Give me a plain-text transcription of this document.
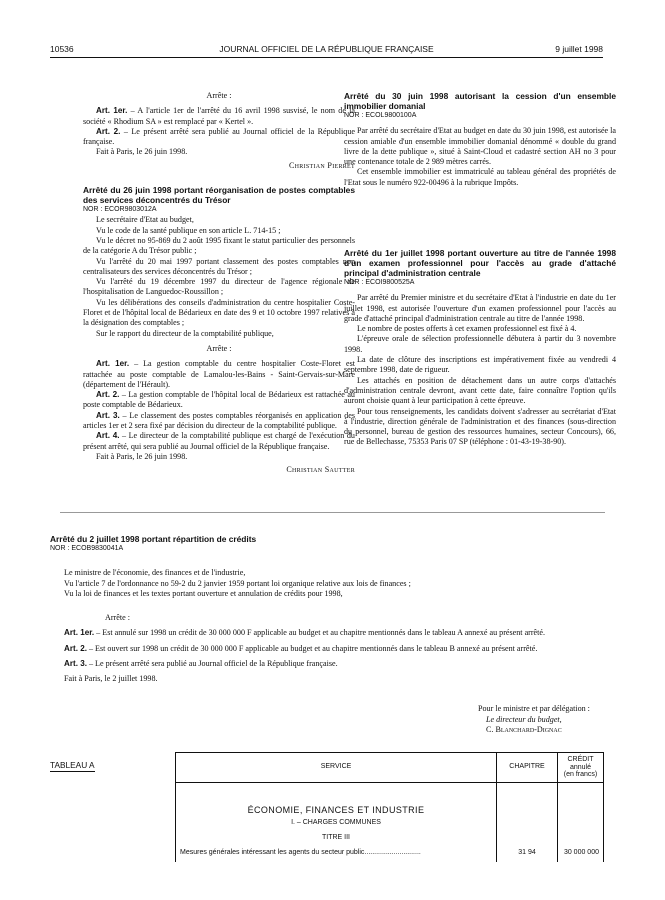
10536	JOURNAL OFFICIEL DE LA RÉPUBLIQUE FRANÇAISE	9 juillet 1998

Arrête :

Art. 1er. – A l'article 1er de l'arrêté du 16 avril 1998 susvisé, le nom de la société « Rhodium SA » est remplacé par « Kertel ».

Art. 2. – Le présent arrêté sera publié au Journal officiel de la République française.

Fait à Paris, le 26 juin 1998.

Christian Pierret

Arrêté du 26 juin 1998 portant réorganisation de postes comptables des services déconcentrés du Trésor

NOR : ECOR9803012A

Le secrétaire d'Etat au budget,

Vu le code de la santé publique en son article L. 714-15 ;

Vu le décret no 95-869 du 2 août 1995 fixant le statut particulier des personnels de la catégorie A du Trésor public ;

Vu l'arrêté du 20 mai 1997 portant classement des postes comptables non centralisateurs des services déconcentrés du Trésor ;

Vu l'arrêté du 19 décembre 1997 du directeur de l'agence régionale de l'hospitalisation de Languedoc-Roussillon ;

Vu les délibérations des conseils d'administration du centre hospitalier Coste-Floret et de l'hôpital local de Bédarieux en date des 9 et 10 octobre 1997 relatives à la désignation des comptables ;

Sur le rapport du directeur de la comptabilité publique,

Arrête :

Art. 1er. – La gestion comptable du centre hospitalier Coste-Floret est rattachée au poste comptable de Lamalou-les-Bains - Saint-Gervais-sur-Mare (département de l'Hérault).

Art. 2. – La gestion comptable de l'hôpital local de Bédarieux est rattachée au poste comptable de Bédarieux.

Art. 3. – Le classement des postes comptables réorganisés en application des articles 1er et 2 sera fixé par décision du directeur de la comptabilité publique.

Art. 4. – Le directeur de la comptabilité publique est chargé de l'exécution du présent arrêté, qui sera publié au Journal officiel de la République française.

Fait à Paris, le 26 juin 1998.

Christian Sautter

Arrêté du 30 juin 1998 autorisant la cession d'un ensemble immobilier domanial

NOR : ECOL9800100A

Par arrêté du secrétaire d'Etat au budget en date du 30 juin 1998, est autorisée la cession amiable d'un ensemble immobilier domanial dénommé « double du grand livre de la dette publique », situé à Saint-Cloud et cadastré section AH no 3 pour une contenance totale de 2 989 mètres carrés.

Cet ensemble immobilier est immatriculé au tableau général des propriétés de l'Etat sous le numéro 922-00496 à la rubrique Impôts.

Arrêté du 1er juillet 1998 portant ouverture au titre de l'année 1998 d'un examen professionnel pour l'accès au grade d'attaché principal d'administration centrale

NOR : ECOI9800525A

Par arrêté du Premier ministre et du secrétaire d'Etat à l'industrie en date du 1er juillet 1998, est autorisée l'ouverture d'un examen professionnel pour l'accès au grade d'attaché principal d'administration centrale au titre de l'année 1998.

Le nombre de postes offerts à cet examen professionnel est fixé à 4.

L'épreuve orale de sélection professionnelle débutera à partir du 3 novembre 1998.

La date de clôture des inscriptions est impérativement fixée au vendredi 4 septembre 1998, date de rigueur.

Les attachés en position de détachement dans un autre corps d'attachés d'administration centrale devront, avant cette date, faire connaître l'option qu'ils auront choisie quant à leur participation à cette épreuve.

Pour tous renseignements, les candidats doivent s'adresser au secrétariat d'Etat à l'industrie, direction générale de l'administration et des finances (sous-direction du personnel, bureau de gestion des ressources humaines, secteur Concours), 66, rue de Bellechasse, 75353 Paris 07 SP (téléphone : 01-43-19-38-90).

Arrêté du 2 juillet 1998 portant répartition de crédits

NOR : ECOB9830041A

Le ministre de l'économie, des finances et de l'industrie,

Vu l'article 7 de l'ordonnance no 59-2 du 2 janvier 1959 portant loi organique relative aux lois de finances ;

Vu la loi de finances et les textes portant ouverture et annulation de crédits pour 1998,

Arrête :

Art. 1er. – Est annulé sur 1998 un crédit de 30 000 000 F applicable au budget et au chapitre mentionnés dans le tableau A annexé au présent arrêté.

Art. 2. – Est ouvert sur 1998 un crédit de 30 000 000 F applicable au budget et au chapitre mentionnés dans le tableau B annexé au présent arrêté.

Art. 3. – Le présent arrêté sera publié au Journal officiel de la République française.

Fait à Paris, le 2 juillet 1998.

Pour le ministre et par délégation :
Le directeur du budget,
C. Blanchard-Dignac
TABLEAU A	SERVICE	CHAPITRE	CRÉDIT
annulé
(en francs)

ÉCONOMIE, FINANCES ET INDUSTRIE
I. – CHARGES COMMUNES
TITRE III
Mesures générales intéressant les agents du secteur public.............................	31 94	30 000 000
